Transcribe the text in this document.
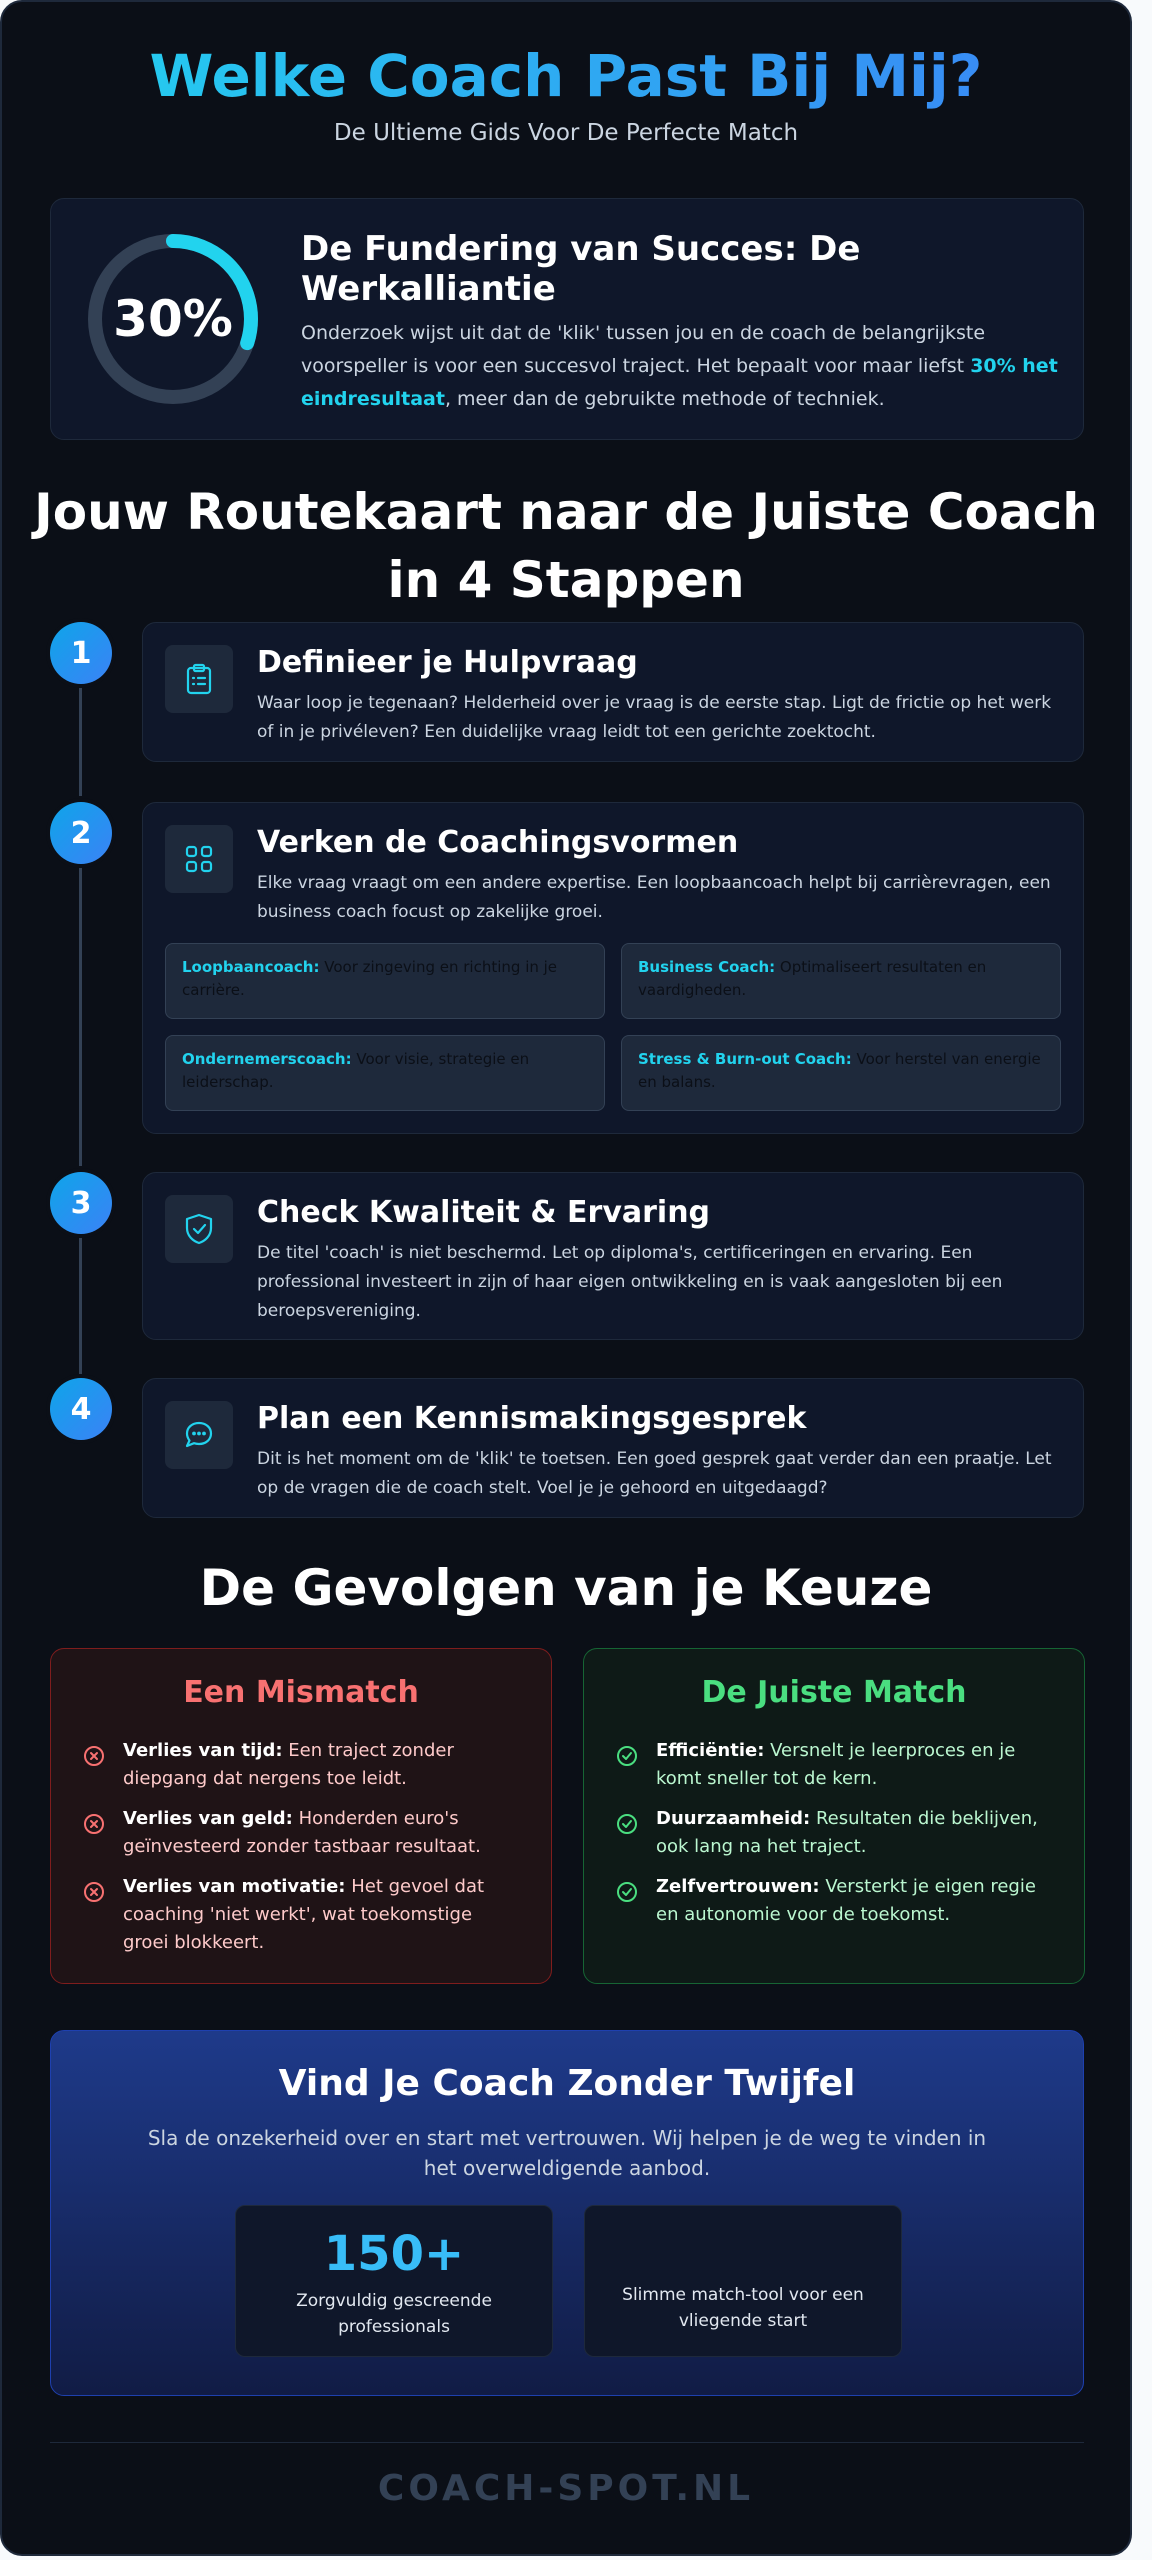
Welke Coach Past Bij Mij?
De Ultieme Gids Voor De Perfecte Match
30%
De Fundering van Succes: De Werkalliantie

Onderzoek wijst uit dat de 'klik' tussen jou en de coach de belangrijkste voorspeller is voor een succesvol traject. Het bepaalt voor maar liefst 30% het eindresultaat, meer dan de gebruikte methode of techniek.

Jouw Routekaart naar de Juiste Coach in 4 Stappen
1	Definieer je Hulpvraag
Waar loop je tegenaan? Helderheid over je vraag is de eerste stap. Ligt de frictie op het werk of in je privéleven? Een duidelijke vraag leidt tot een gerichte zoektocht.
2	Verken de Coachingsvormen
Elke vraag vraagt om een andere expertise. Een loopbaancoach helpt bij carrièrevragen, een business coach focust op zakelijke groei.
Loopbaancoach: Voor zingeving en richting in je carrière.
Business Coach: Optimaliseert resultaten en vaardigheden.
Ondernemerscoach: Voor visie, strategie en leiderschap.
Stress & Burn-out Coach: Voor herstel van energie en balans.
3	Check Kwaliteit & Ervaring
De titel 'coach' is niet beschermd. Let op diploma's, certificeringen en ervaring. Een professional investeert in zijn of haar eigen ontwikkeling en is vaak aangesloten bij een beroepsvereniging.
4	Plan een Kennismakingsgesprek
Dit is het moment om de 'klik' te toetsen. Een goed gesprek gaat verder dan een praatje. Let op de vragen die de coach stelt. Voel je je gehoord en uitgedaagd?
De Gevolgen van je Keuze
Een Mismatch
Verlies van tijd: Een traject zonder diepgang dat nergens toe leidt.
Verlies van geld: Honderden euro's geïnvesteerd zonder tastbaar resultaat.
Verlies van motivatie: Het gevoel dat coaching 'niet werkt', wat toekomstige groei blokkeert.
De Juiste Match
Efficiëntie: Versnelt je leerproces en je komt sneller tot de kern.
Duurzaamheid: Resultaten die beklijven, ook lang na het traject.
Zelfvertrouwen: Versterkt je eigen regie en autonomie voor de toekomst.
Vind Je Coach Zonder Twijfel
Sla de onzekerheid over en start met vertrouwen. Wij helpen je de weg te vinden in het overweldigende aanbod.
150+
Zorgvuldig gescreende professionals
Slimme match-tool voor een vliegende start
COACH-SPOT.NL
